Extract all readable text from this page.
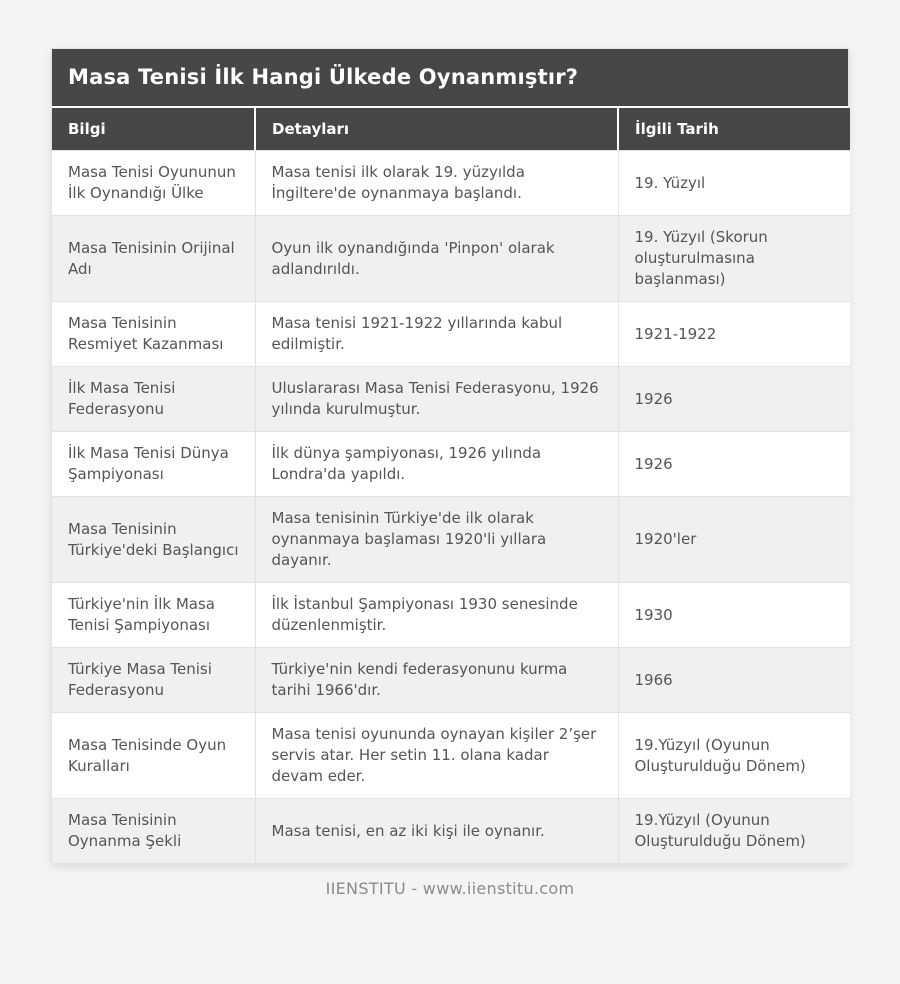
Masa Tenisi İlk Hangi Ülkede Oynanmıştır?
Bilgi	Detayları	İlgili Tarih
Masa Tenisi Oyununun İlk Oynandığı Ülke	Masa tenisi ilk olarak 19. yüzyılda İngiltere'de oynanmaya başlandı.	19. Yüzyıl
Masa Tenisinin Orijinal Adı	Oyun ilk oynandığında 'Pinpon' olarak adlandırıldı.	19. Yüzyıl (Skorun oluşturulmasına başlanması)
Masa Tenisinin Resmiyet Kazanması	Masa tenisi 1921-1922 yıllarında kabul edilmiştir.	1921-1922
İlk Masa Tenisi Federasyonu	Uluslararası Masa Tenisi Federasyonu, 1926 yılında kurulmuştur.	1926
İlk Masa Tenisi Dünya Şampiyonası	İlk dünya şampiyonası, 1926 yılında Londra'da yapıldı.	1926
Masa Tenisinin Türkiye'deki Başlangıcı	Masa tenisinin Türkiye'de ilk olarak oynanmaya başlaması 1920'li yıllara dayanır.	1920'ler
Türkiye'nin İlk Masa Tenisi Şampiyonası	İlk İstanbul Şampiyonası 1930 senesinde düzenlenmiştir.	1930
Türkiye Masa Tenisi Federasyonu	Türkiye'nin kendi federasyonunu kurma tarihi 1966'dır.	1966
Masa Tenisinde Oyun Kuralları	Masa tenisi oyununda oynayan kişiler 2’şer servis atar. Her setin 11. olana kadar devam eder.	19.Yüzyıl (Oyunun Oluşturulduğu Dönem)
Masa Tenisinin Oynanma Şekli	Masa tenisi, en az iki kişi ile oynanır.	19.Yüzyıl (Oyunun Oluşturulduğu Dönem)
IIENSTITU - www.iienstitu.com
